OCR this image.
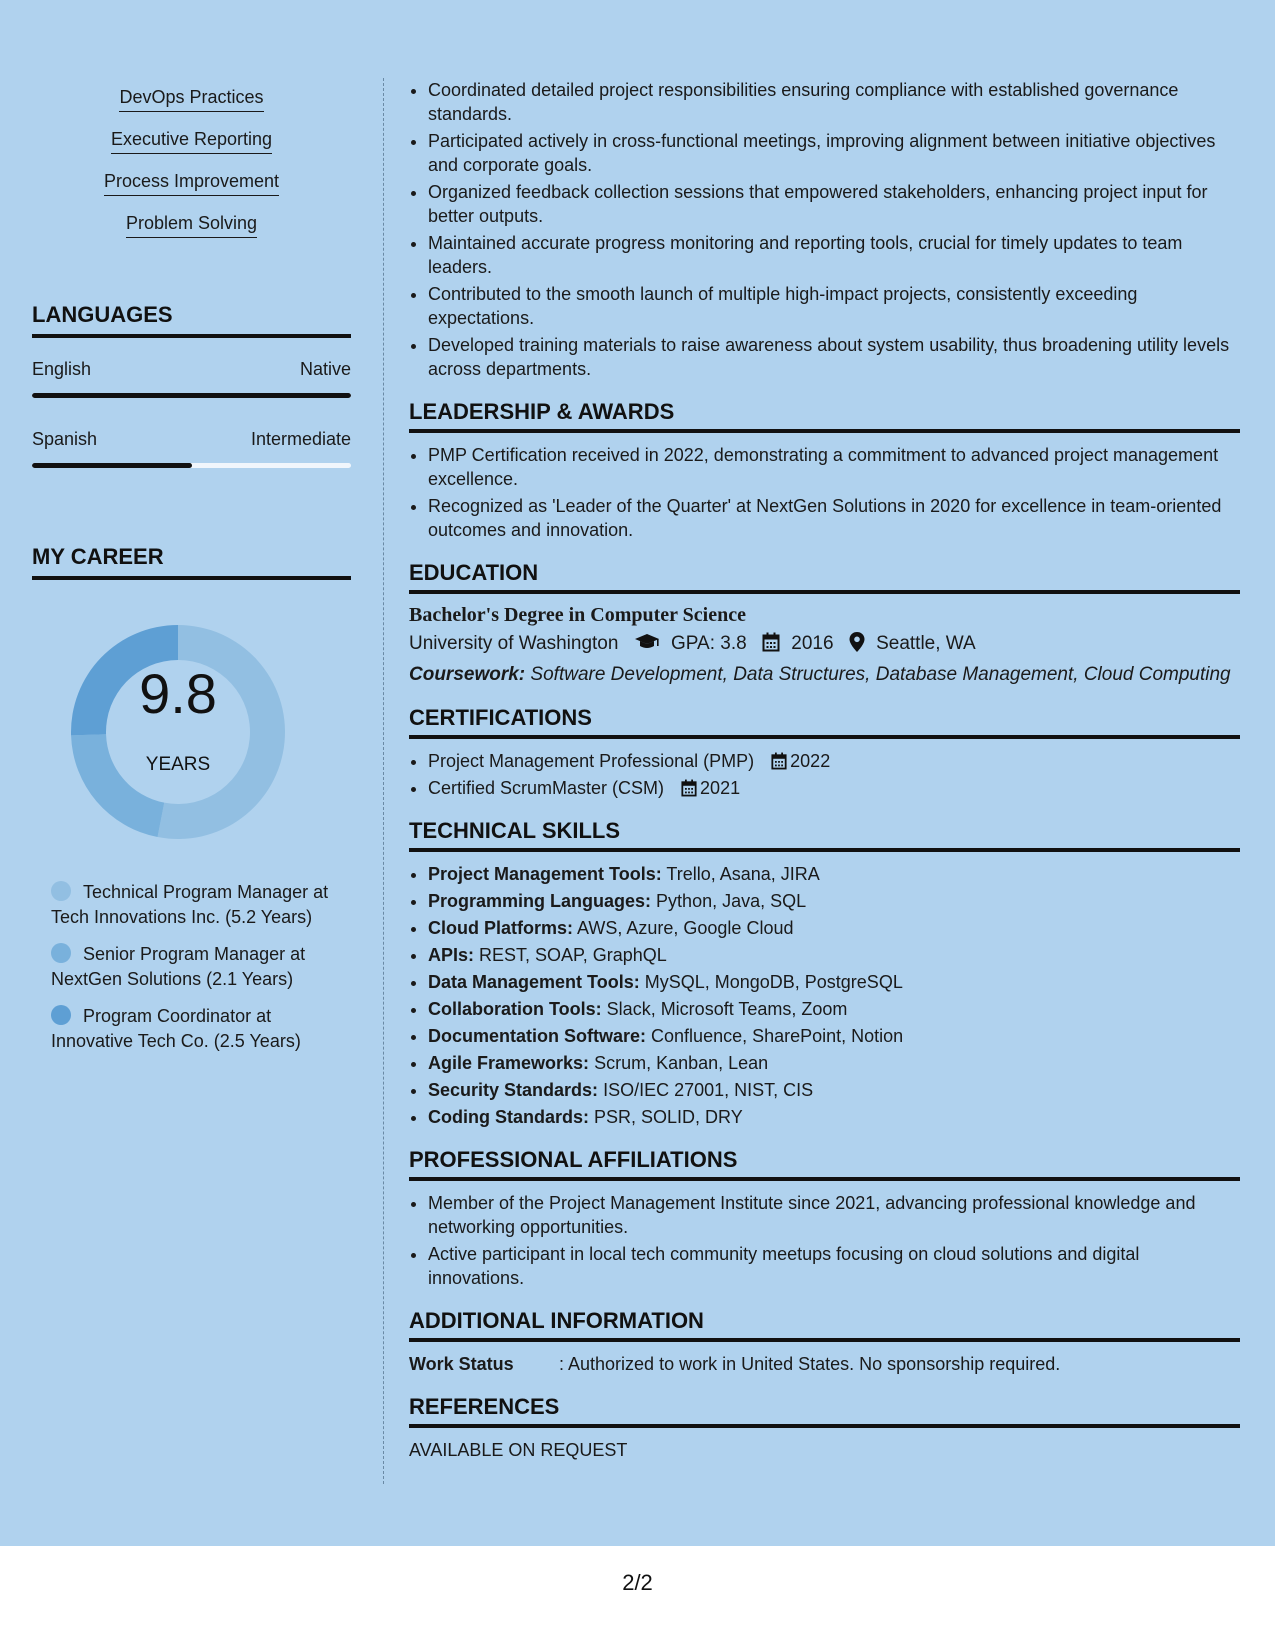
DevOps Practices
Executive Reporting
Process Improvement
Problem Solving
LANGUAGES
English	Native
Spanish	Intermediate
MY CAREER
9.8
YEARS
Technical Program Manager at Tech Innovations Inc. (5.2 Years)
Senior Program Manager at NextGen Solutions (2.1 Years)
Program Coordinator at Innovative Tech Co. (2.5 Years)
• Coordinated detailed project responsibilities ensuring compliance with established governance standards.
• Participated actively in cross-functional meetings, improving alignment between initiative objectives and corporate goals.
• Organized feedback collection sessions that empowered stakeholders, enhancing project input for better outputs.
• Maintained accurate progress monitoring and reporting tools, crucial for timely updates to team leaders.
• Contributed to the smooth launch of multiple high-impact projects, consistently exceeding expectations.
• Developed training materials to raise awareness about system usability, thus broadening utility levels across departments.
LEADERSHIP & AWARDS
• PMP Certification received in 2022, demonstrating a commitment to advanced project management excellence.
• Recognized as 'Leader of the Quarter' at NextGen Solutions in 2020 for excellence in team-oriented outcomes and innovation.
EDUCATION
Bachelor's Degree in Computer Science
University of Washington	GPA: 3.8 2016 Seattle, WA
Coursework: Software Development, Data Structures, Database Management, Cloud Computing
CERTIFICATIONS
• Project Management Professional (PMP) 2022
• Certified ScrumMaster (CSM) 2021
TECHNICAL SKILLS
• Project Management Tools: Trello, Asana, JIRA
• Programming Languages: Python, Java, SQL
• Cloud Platforms: AWS, Azure, Google Cloud
• APIs: REST, SOAP, GraphQL
• Data Management Tools: MySQL, MongoDB, PostgreSQL
• Collaboration Tools: Slack, Microsoft Teams, Zoom
• Documentation Software: Confluence, SharePoint, Notion
• Agile Frameworks: Scrum, Kanban, Lean
• Security Standards: ISO/IEC 27001, NIST, CIS
• Coding Standards: PSR, SOLID, DRY
PROFESSIONAL AFFILIATIONS
• Member of the Project Management Institute since 2021, advancing professional knowledge and networking opportunities.
• Active participant in local tech community meetups focusing on cloud solutions and digital innovations.
ADDITIONAL INFORMATION
Work Status	: Authorized to work in United States. No sponsorship required.
REFERENCES
AVAILABLE ON REQUEST
2/2
